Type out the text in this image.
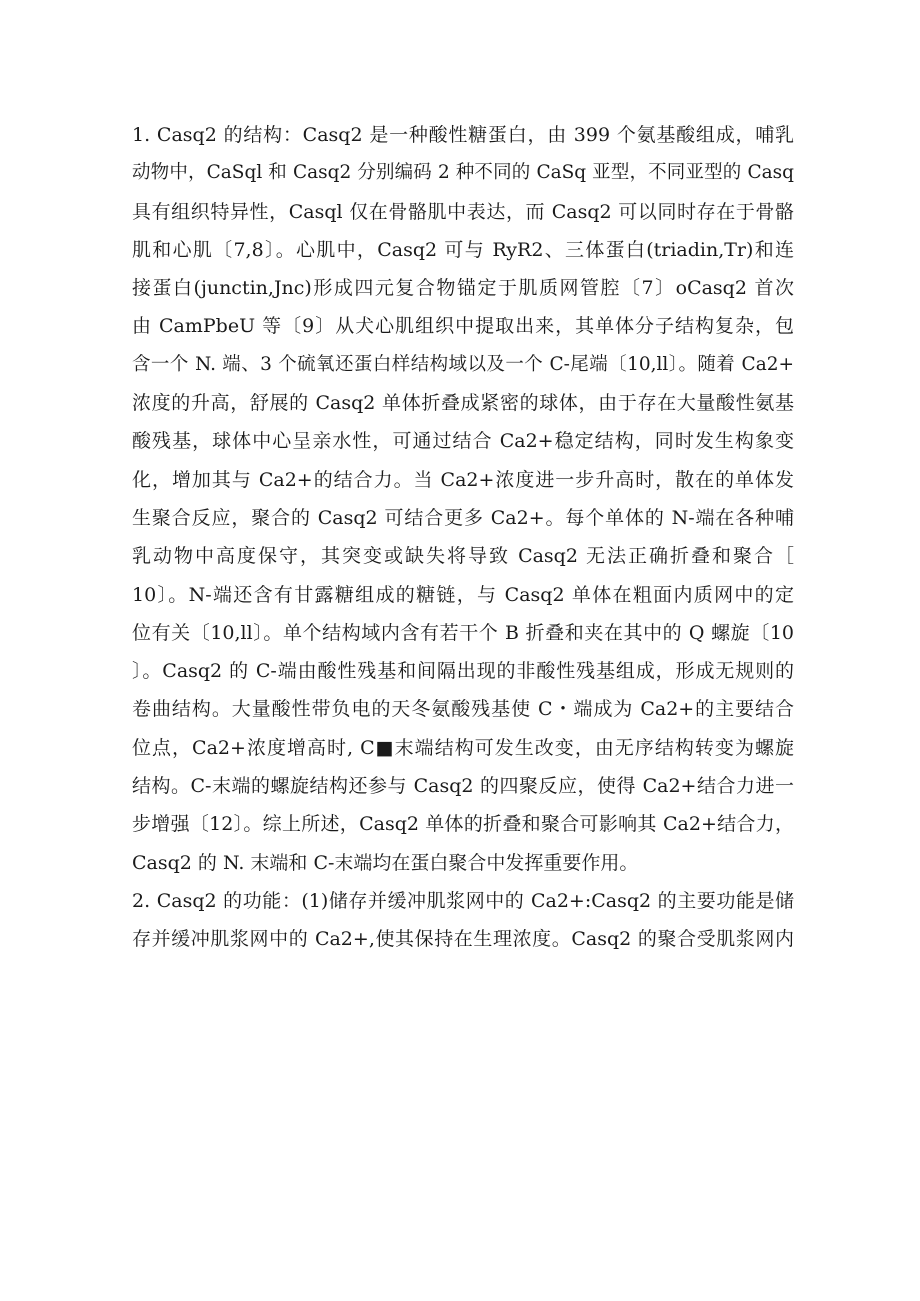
1. Casq2 的结构：Casq2 是一种酸性糖蛋白，由 399 个氨基酸组成，哺乳
动物中，CaSql 和 Casq2 分别编码 2 种不同的 CaSq 亚型，不同亚型的 Casq
具有组织特异性，Casql 仅在骨骼肌中表达，而 Casq2 可以同时存在于骨骼
肌和心肌〔7,8〕。心肌中，Casq2 可与 RyR2、三体蛋白(triadin,Tr)和连
接蛋白(junctin,Jnc)形成四元复合物锚定于肌质网管腔〔7〕oCasq2 首次
由 CamPbeU 等〔9〕从犬心肌组织中提取出来，其单体分子结构复杂，包
含一个 N. 端、3 个硫氧还蛋白样结构域以及一个 C-尾端〔10,ll〕。随着 Ca2+
浓度的升高，舒展的 Casq2 单体折叠成紧密的球体，由于存在大量酸性氨基
酸残基，球体中心呈亲水性，可通过结合 Ca2+稳定结构，同时发生构象变
化，增加其与 Ca2+的结合力。当 Ca2+浓度进一步升高时，散在的单体发
生聚合反应，聚合的 Casq2 可结合更多 Ca2+。每个单体的 N-端在各种哺
乳动物中高度保守，其突变或缺失将导致 Casq2 无法正确折叠和聚合［
10〕。N-端还含有甘露糖组成的糖链，与 Casq2 单体在粗面内质网中的定
位有关〔10,ll〕。单个结构域内含有若干个 B 折叠和夹在其中的 Q 螺旋〔10
〕。Casq2 的 C-端由酸性残基和间隔出现的非酸性残基组成，形成无规则的
卷曲结构。大量酸性带负电的天冬氨酸残基使 C・端成为 Ca2+的主要结合
位点，Ca2+浓度增高时, C■末端结构可发生改变，由无序结构转变为螺旋
结构。C-末端的螺旋结构还参与 Casq2 的四聚反应，使得 Ca2+结合力进一
步增强〔12〕。综上所述，Casq2 单体的折叠和聚合可影响其 Ca2+结合力，
Casq2 的 N. 末端和 C-末端均在蛋白聚合中发挥重要作用。
2. Casq2 的功能：(1)储存并缓冲肌浆网中的 Ca2+:Casq2 的主要功能是储
存并缓冲肌浆网中的 Ca2+,使其保持在生理浓度。Casq2 的聚合受肌浆网内
